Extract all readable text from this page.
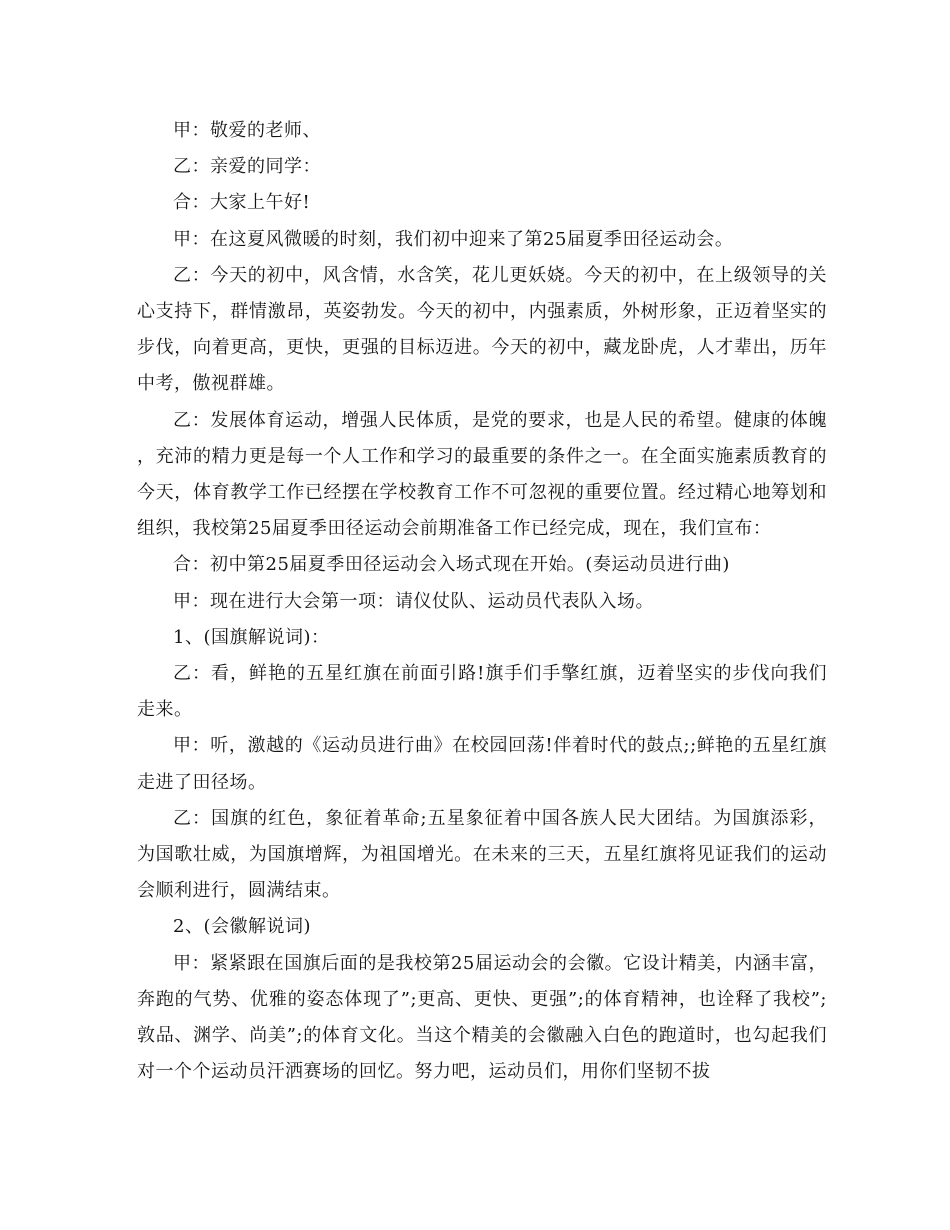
甲：敬爱的老师、

乙：亲爱的同学：

合：大家上午好!

甲：在这夏风微暖的时刻，我们初中迎来了第25届夏季田径运动会。

乙：今天的初中，风含情，水含笑，花儿更妖娆。今天的初中，在上级领导的关心支持下，群情激昂，英姿勃发。今天的初中，内强素质，外树形象，正迈着坚实的步伐，向着更高，更快，更强的目标迈进。今天的初中，藏龙卧虎，人才辈出，历年中考，傲视群雄。

乙：发展体育运动，增强人民体质，是党的要求，也是人民的希望。健康的体魄，充沛的精力更是每一个人工作和学习的最重要的条件之一。在全面实施素质教育的今天，体育教学工作已经摆在学校教育工作不可忽视的重要位置。经过精心地筹划和组织，我校第25届夏季田径运动会前期准备工作已经完成，现在，我们宣布：

合：初中第25届夏季田径运动会入场式现在开始。(奏运动员进行曲)

甲：现在进行大会第一项：请仪仗队、运动员代表队入场。

1、(国旗解说词)：

乙：看，鲜艳的五星红旗在前面引路!旗手们手擎红旗，迈着坚实的步伐向我们走来。

甲：听，激越的《运动员进行曲》在校园回荡!伴着时代的鼓点;;鲜艳的五星红旗走进了田径场。

乙：国旗的红色，象征着革命;五星象征着中国各族人民大团结。为国旗添彩，为国歌壮威，为国旗增辉，为祖国增光。在未来的三天，五星红旗将见证我们的运动会顺利进行，圆满结束。

2、(会徽解说词)

甲：紧紧跟在国旗后面的是我校第25届运动会的会徽。它设计精美，内涵丰富，奔跑的气势、优雅的姿态体现了”;更高、更快、更强”;的体育精神，也诠释了我校”;敦品、渊学、尚美”;的体育文化。当这个精美的会徽融入白色的跑道时，也勾起我们对一个个运动员汗洒赛场的回忆。努力吧，运动员们，用你们坚韧不拔
